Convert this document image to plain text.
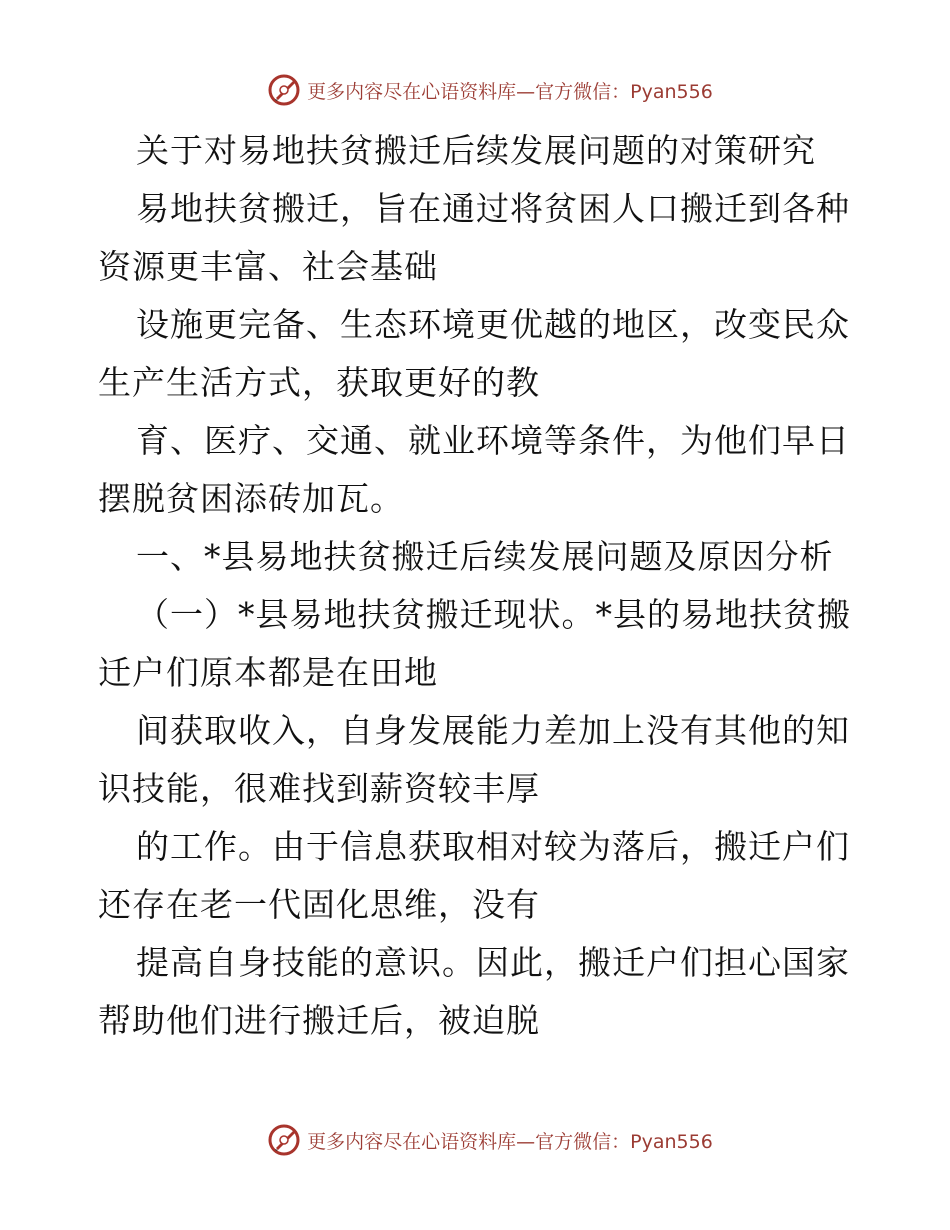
更多内容尽在心语资料库—官方微信：Pyan556
关于对易地扶贫搬迁后续发展问题的对策研究
易地扶贫搬迁，旨在通过将贫困人口搬迁到各种
资源更丰富、社会基础
设施更完备、生态环境更优越的地区，改变民众
生产生活方式，获取更好的教
育、医疗、交通、就业环境等条件，为他们早日
摆脱贫困添砖加瓦。
一、*县易地扶贫搬迁后续发展问题及原因分析
（一）*县易地扶贫搬迁现状。*县的易地扶贫搬
迁户们原本都是在田地
间获取收入，自身发展能力差加上没有其他的知
识技能，很难找到薪资较丰厚
的工作。由于信息获取相对较为落后，搬迁户们
还存在老一代固化思维，没有
提高自身技能的意识。因此，搬迁户们担心国家
帮助他们进行搬迁后，被迫脱
更多内容尽在心语资料库—官方微信：Pyan556
